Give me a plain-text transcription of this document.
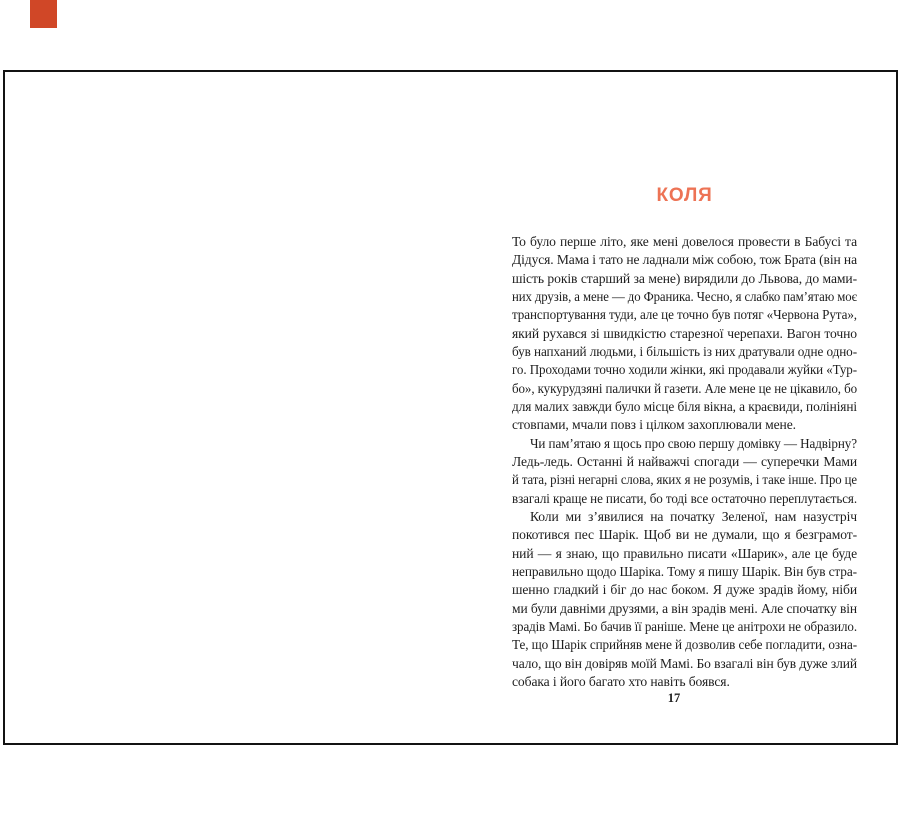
КОЛЯ
То було перше літо, яке мені довелося провести в Бабусі та
Дідуся. Мама і тато не ладнали між собою, тож Брата (він на
шість років старший за мене) вирядили до Львова, до мами-
них друзів, а мене — до Франика. Чесно, я слабко пам’ятаю моє
транспортування туди, але це точно був потяг «Червона Рута»,
який рухався зі швидкістю старезної черепахи. Вагон точно
був напханий людьми, і більшість із них дратували одне одно-
го. Проходами точно ходили жінки, які продавали жуйки «Тур-
бо», кукурудзяні палички й газети. Але мене це не цікавило, бо
для малих завжди було місце біля вікна, а краєвиди, полініяні
стовпами, мчали повз і цілком захоплювали мене.
Чи пам’ятаю я щось про свою першу домівку — Надвірну?
Ледь-ледь. Останні й найважчі спогади — суперечки Мами
й тата, різні негарні слова, яких я не розумів, і таке інше. Про це
взагалі краще не писати, бо тоді все остаточно переплутається.
Коли ми з’явилися на початку Зеленої, нам назустріч
покотився пес Шарік. Щоб ви не думали, що я безграмот-
ний — я знаю, що правильно писати «Шарик», але це буде
неправильно щодо Шаріка. Тому я пишу Шарік. Він був стра-
шенно гладкий і біг до нас боком. Я дуже зрадів йому, ніби
ми були давніми друзями, а він зрадів мені. Але спочатку він
зрадів Мамі. Бо бачив її раніше. Мене це анітрохи не образило.
Те, що Шарік сприйняв мене й дозволив себе погладити, озна-
чало, що він довіряв моїй Мамі. Бо взагалі він був дуже злий
собака і його багато хто навіть боявся.
17
